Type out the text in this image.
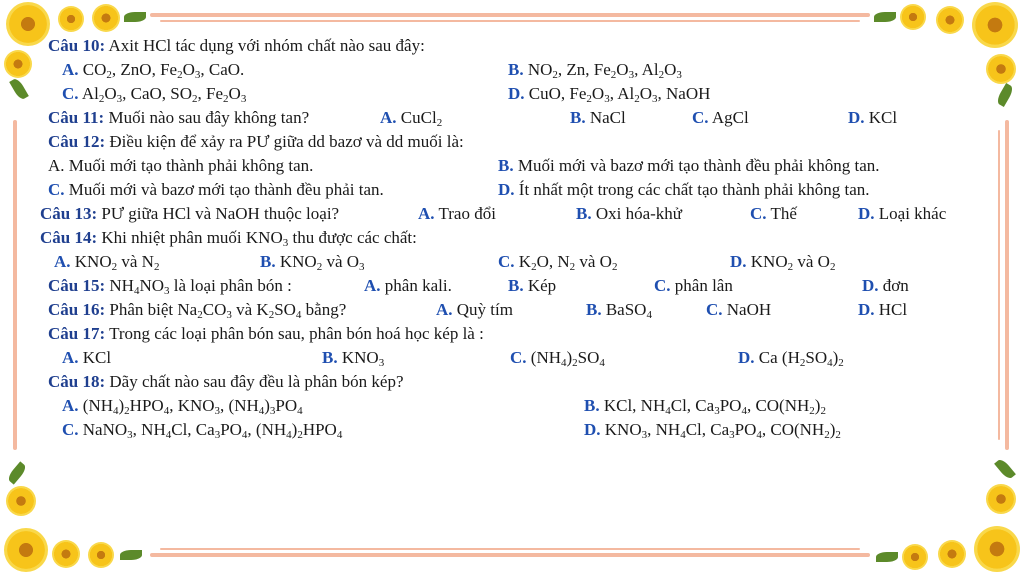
Câu 10: Axit HCl tác dụng với nhóm chất nào sau đây:
A. $CO_2$, ZnO, $Fe_2O_3$, CaO.	B. $NO_2$, Zn, $Fe_2O_3$, $Al_2O_3$
C. $Al_2O_3$, CaO, $SO_2$, $Fe_2O_3$	D. CuO, $Fe_2O_3$, $Al_2O_3$, NaOH
Câu 11: Muối nào sau đây không tan?	A. CuCl$_2$	B. NaCl	C. AgCl	D. KCl
Câu 12: Điều kiện để xảy ra PƯ giữa dd bazơ và dd muối là:
A. Muối mới tạo thành phải không tan.	B. Muối mới và bazơ mới tạo thành đều phải không tan.
C. Muối mới và bazơ mới tạo thành đều phải tan.	D. Ít nhất một trong các chất tạo thành phải không tan.
Câu 13: PƯ giữa HCl và NaOH thuộc loại?	A. Trao đổi	B. Oxi hóa-khử	C. Thế	D. Loại khác
Câu 14: Khi nhiệt phân muối $KNO_3$ thu được các chất:
A. $KNO_2$ và $N_2$	B. $KNO_2$ và $O_3$	C. $K_2O$, $N_2$ và $O_2$	D. $KNO_2$ và $O_2$
Câu 15: $NH_4NO_3$ là loại phân bón :	A. phân kali.	B. Kép	C. phân lân	D. đơn
Câu 16: Phân biệt $Na_2CO_3$ và $K_2SO_4$ bằng?	A. Quỳ tím	B. BaSO$_4$	C. NaOH	D. HCl
Câu 17: Trong các loại phân bón sau, phân bón hoá học kép là :
A. KCl	B. $KNO_3$	C. $(NH_4)_2SO_4$	D. Ca $(H_2SO_4)_2$
Câu 18: Dãy chất nào sau đây đều là phân bón kép?
A. $(NH_4)_2HPO_4$, $KNO_3$, $(NH_4)_3PO_4$	B. KCl, $NH_4Cl$, $Ca_3PO_4$, $CO(NH_2)_2$
C. NaNO$_3$, $NH_4Cl$, $Ca_3PO_4$, $(NH_4)_2HPO_4$	D. $KNO_3$, $NH_4Cl$, $Ca_3PO_4$, $CO(NH_2)_2$
